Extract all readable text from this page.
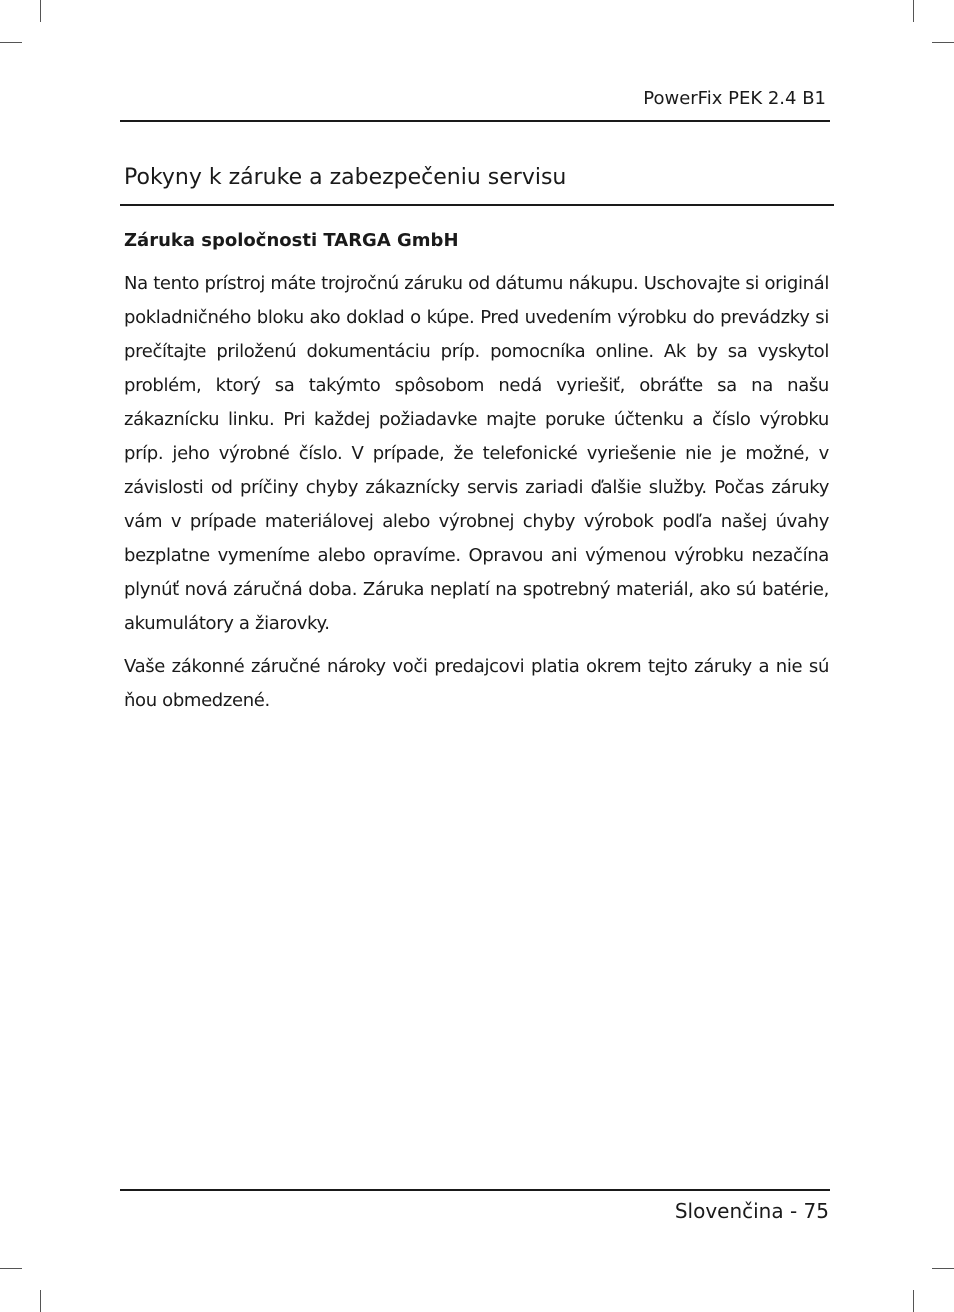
PowerFix PEK 2.4 B1
Pokyny k záruke a zabezpečeniu servisu
Záruka spoločnosti TARGA GmbH

Na tento prístroj máte trojročnú záruku od dátumu nákupu. Uschovajte si originál pokladničného bloku ako doklad o kúpe. Pred uvedením výrobku do prevádzky si prečítajte priloženú dokumentáciu príp. pomocníka online. Ak by sa vyskytol problém, ktorý sa takýmto spôsobom nedá vyriešiť, obráťte sa na našu zákaznícku linku. Pri každej požiadavke majte poruke účtenku a číslo výrobku príp. jeho výrobné číslo. V prípade, že telefonické vyriešenie nie je možné, v závislosti od príčiny chyby zákaznícky servis zariadi ďalšie služby. Počas záruky vám v prípade materiálovej alebo výrobnej chyby výrobok podľa našej úvahy bezplatne vymeníme alebo opravíme. Opravou ani výmenou výrobku nezačína plynúť nová záručná doba. Záruka neplatí na spotrebný materiál, ako sú batérie, akumulátory a žiarovky.

Vaše zákonné záručné nároky voči predajcovi platia okrem tejto záruky a nie sú ňou obmedzené.

Slovenčina - 75
